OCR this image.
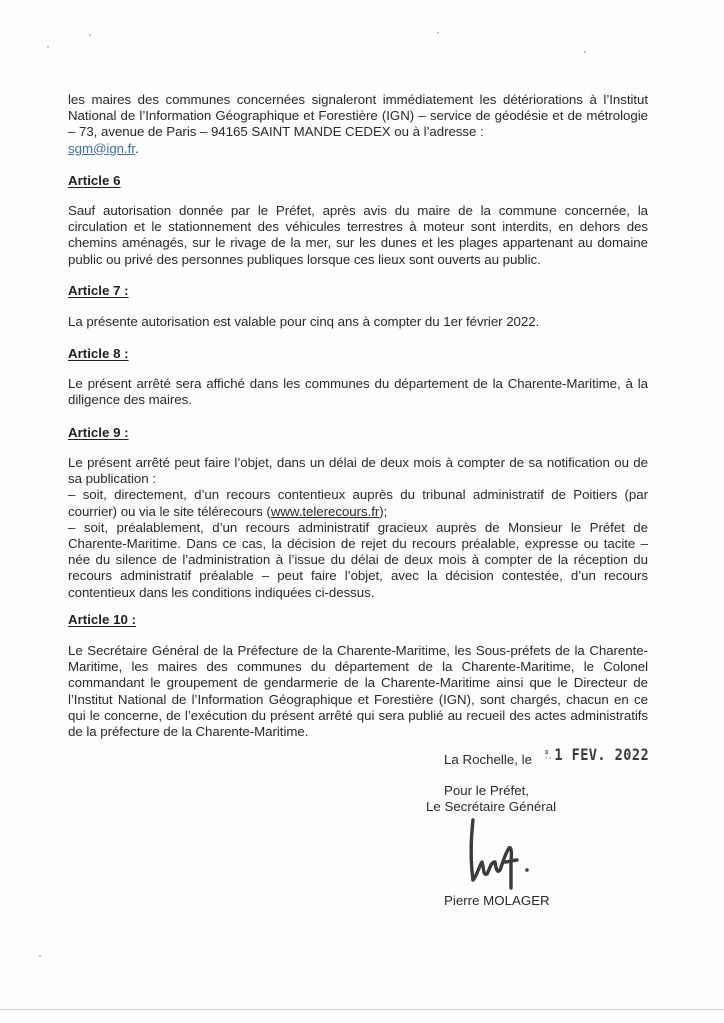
les maires des communes concernées signaleront immédiatement les détériorations à l’Institut National de l’Information Géographique et Forestière (IGN) – service de géodésie et de métrologie – 73, avenue de Paris – 94165 SAINT MANDE CEDEX ou à l’adresse :
sgm@ign.fr.

Article 6
Sauf autorisation donnée par le Préfet, après avis du maire de la commune concernée, la circulation et le stationnement des véhicules terrestres à moteur sont interdits, en dehors des chemins aménagés, sur le rivage de la mer, sur les dunes et les plages appartenant au domaine public ou privé des personnes publiques lorsque ces lieux sont ouverts au public.
Article 7 :
La présente autorisation est valable pour cinq ans à compter du 1er février 2022.
Article 8 :
Le présent arrêté sera affiché dans les communes du département de la Charente-Maritime, à la diligence des maires.
Article 9 :

Le présent arrêté peut faire l’objet, dans un délai de deux mois à compter de sa notification ou de sa publication :

– soit, directement, d’un recours contentieux auprès du tribunal administratif de Poitiers (par courrier) ou via le site télérecours (www.telerecours.fr);

– soit, préalablement, d’un recours administratif gracieux auprès de Monsieur le Préfet de Charente-Maritime. Dans ce cas, la décision de rejet du recours préalable, expresse ou tacite – née du silence de l’administration à l’issue du délai de deux mois à compter de la réception du recours administratif préalable – peut faire l’objet, avec la décision contestée, d’un recours contentieux dans les conditions indiquées ci-dessus.

Article 10 :
Le Secrétaire Général de la Préfecture de la Charente-Maritime, les Sous-préfets de la Charente-Maritime, les maires des communes du département de la Charente-Maritime, le Colonel commandant le groupement de gendarmerie de la Charente-Maritime ainsi que le Directeur de l’Institut National de l’Information Géographique et Forestière (IGN), sont chargés, chacun en ce qui le concerne, de l’exécution du présent arrêté qui sera publié au recueil des actes administratifs de la préfecture de la Charente-Maritime.
La Rochelle, le ≡
·· 1 FEV. 2022
Pour le Préfet,
Le Secrétaire Général
Pierre MOLAGER
